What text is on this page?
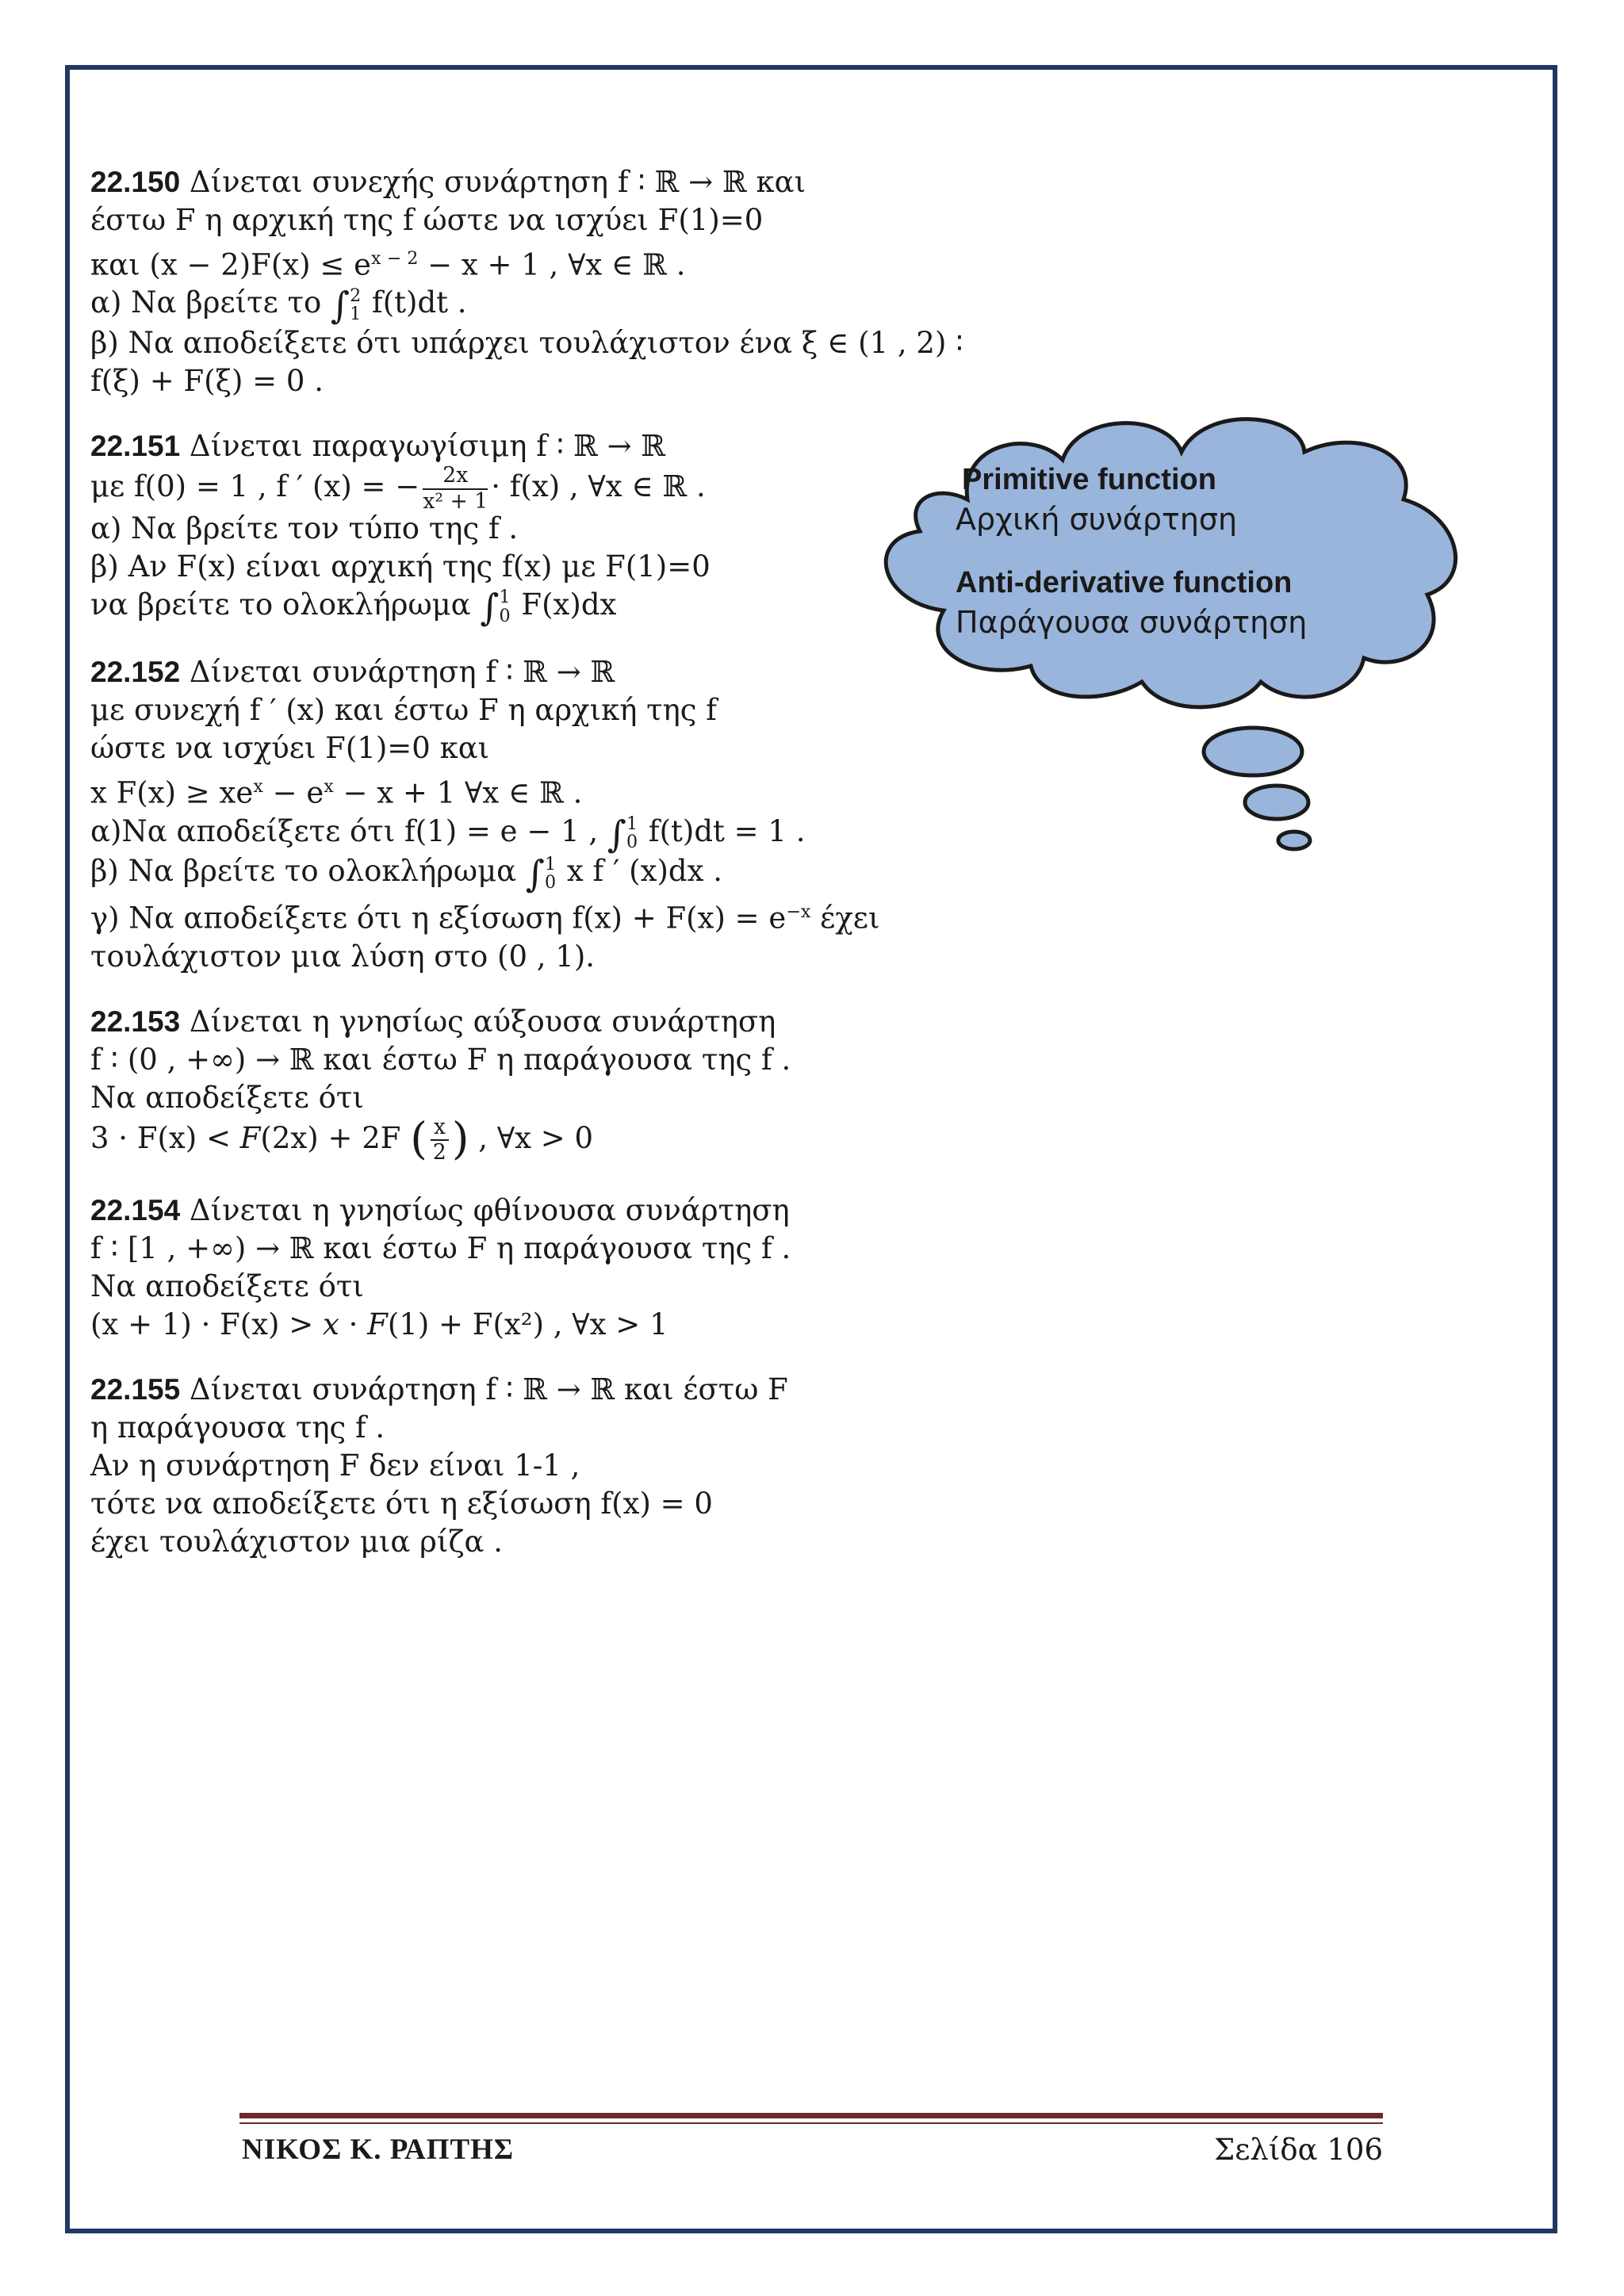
22.150 Δίνεται συνεχής συνάρτηση f ∶ ℝ → ℝ και
έστω F η αρχική της f ώστε να ισχύει F(1)=0
και $(x - 2)F(x) \le e^{x - 2} - x + 1$ , ∀x ∈ ℝ .
α) Να βρείτε το ∫ 2
1 f(t)dt .
β) Να αποδείξετε ότι υπάρχει τουλάχιστον ένα ξ ∈ (1 , 2) ∶
f(ξ) + F(ξ) = 0 .
22.151 Δίνεται παραγωγίσιμη f ∶ ℝ → ℝ
με f(0) = 1 , f ′ (x) = − $\frac{2x}{\text{x² + 1}} \cdot f(x)$ , ∀x ∈ ℝ .
α) Να βρείτε τον τύπο της f .
β) Αν F(x) είναι αρχική της f(x) με F(1)=0
να βρείτε το ολοκλήρωμα ∫ 1
0 F(x)dx
22.152 Δίνεται συνάρτηση f ∶ ℝ → ℝ
με συνεχή f ′ (x) και έστω F η αρχική της f
ώστε να ισχύει F(1)=0 και
x $F(x) \ge xe^x - e^x - x + 1$ ∀x ∈ ℝ .
α)Να αποδείξετε ότι f(1) = e − 1 , ∫ 1
0 f(t)dt = 1 .
β) Να βρείτε το ολοκλήρωμα ∫ 1
0 x f ′ (x)dx .
γ) Να αποδείξετε ότι η εξίσωση $f(x) + F(x) = e^{-x}$ έχει
τουλάχιστον μια λύση στο (0 , 1).
22.153 Δίνεται η γνησίως αύξουσα συνάρτηση
f ∶ (0 , +∞) → ℝ και έστω F η παράγουσα της f .
Να αποδείξετε ότι
3 · F(x) < 𝐹(2x) + 2F ( $\frac{x}{2}$ ) , ∀x > 0
22.154 Δίνεται η γνησίως φθίνουσα συνάρτηση
f ∶ [1 , +∞) → ℝ και έστω F η παράγουσα της f .
Να αποδείξετε ότι
(x + 1) · F(x) > 𝑥 · 𝐹(1) + F(x²) , ∀x > 1
22.155 Δίνεται συνάρτηση f ∶ ℝ → ℝ και έστω F
η παράγουσα της f .
Αν η συνάρτηση F δεν είναι 1-1 ,
τότε να αποδείξετε ότι η εξίσωση f(x) = 0
έχει τουλάχιστον μια ρίζα .
Primitive function
Αρχική συνάρτηση
Anti-derivative function
Παράγουσα συνάρτηση
ΝΙΚΟΣ Κ. ΡΑΠΤΗΣ	Σελίδα 106
